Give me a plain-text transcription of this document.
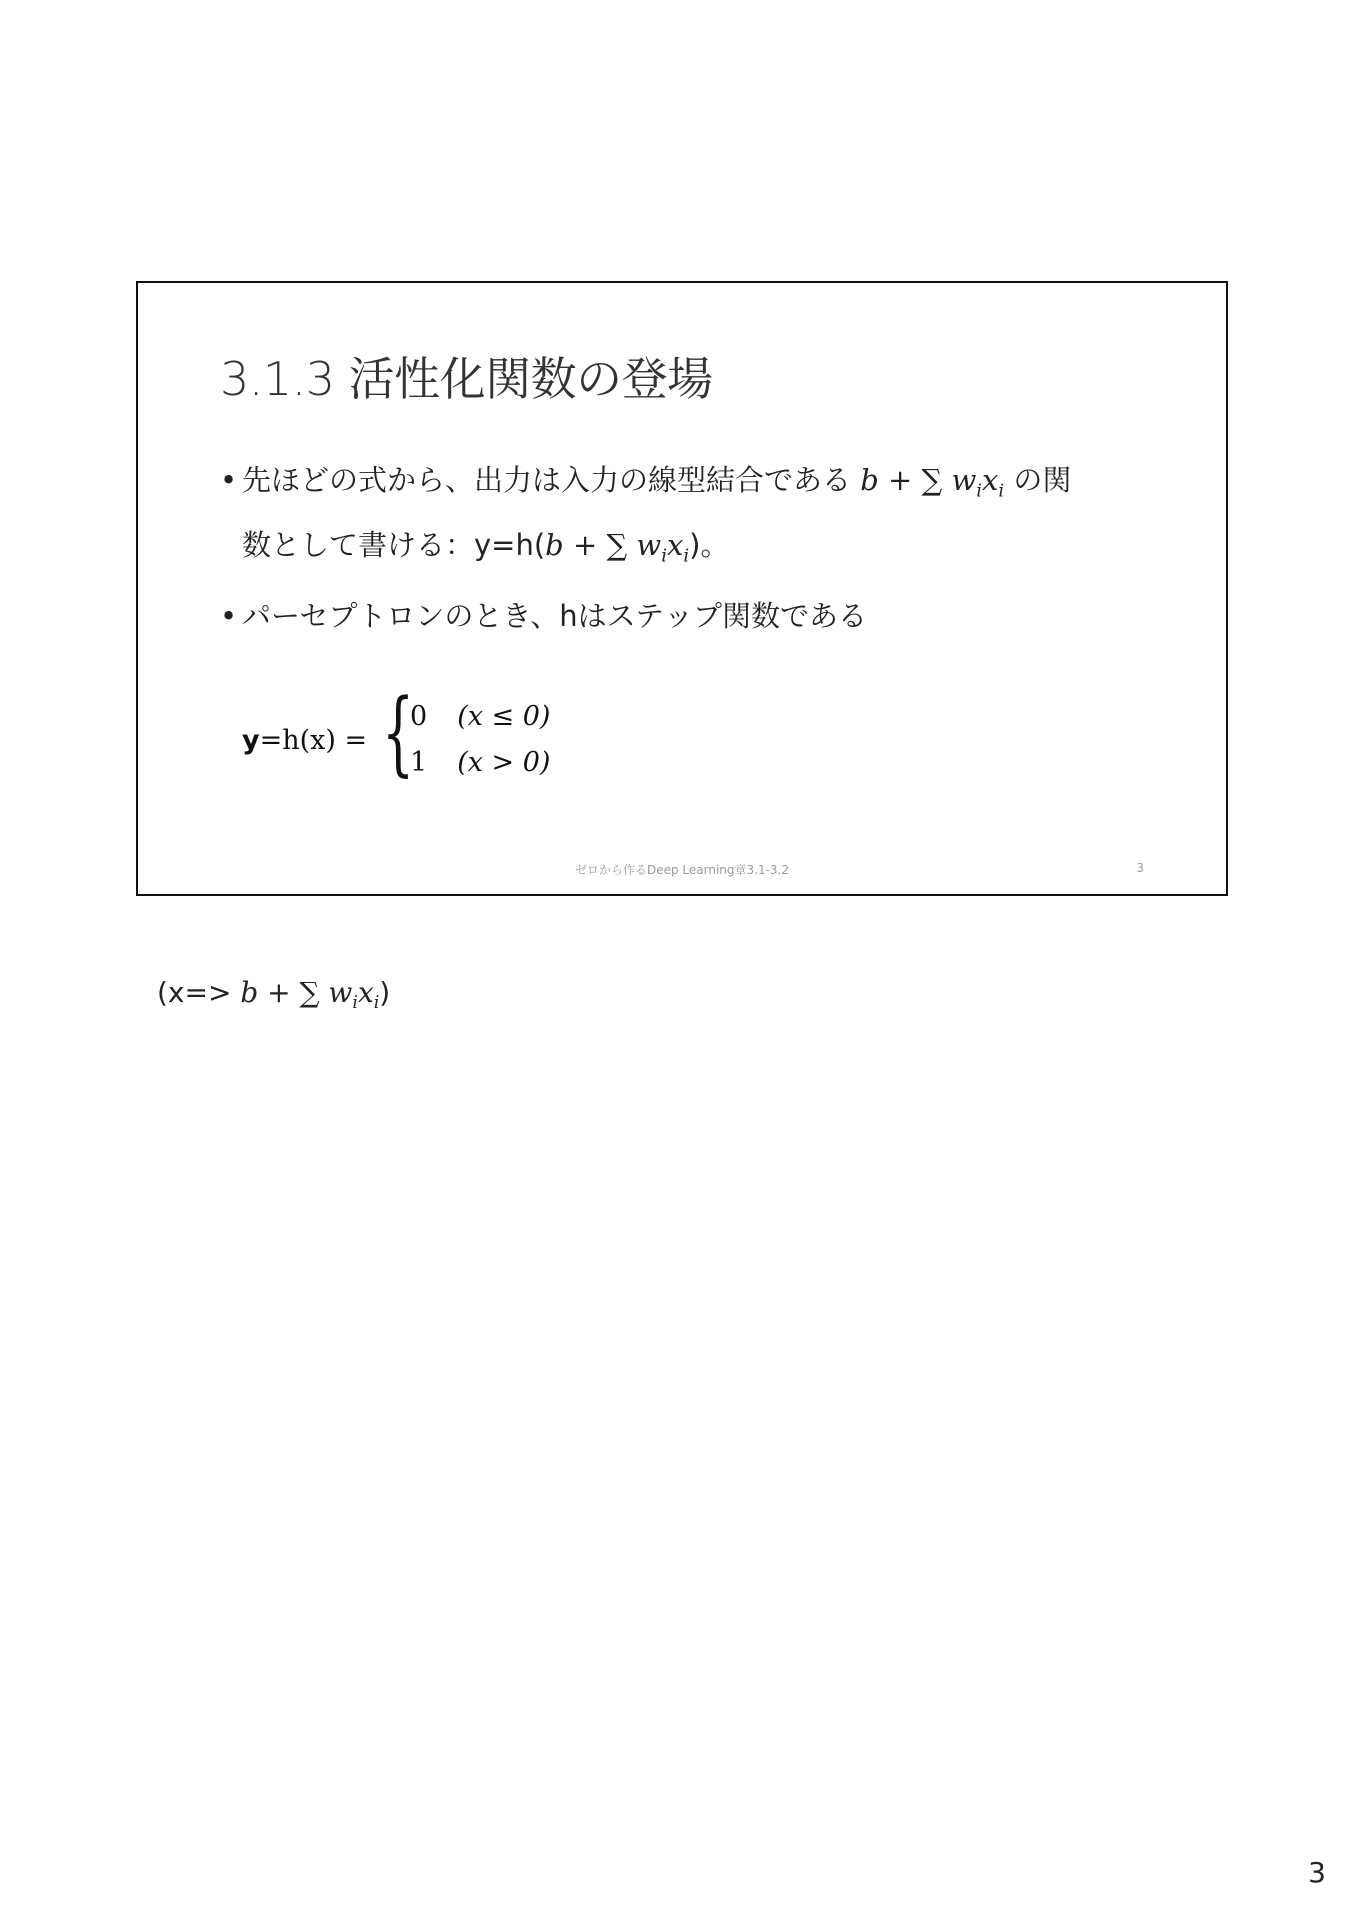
3.1.3 活性化関数の登場
• 先ほどの式から、出力は入力の線型結合である b + ∑ $w_ix_i$ の関
数として書ける：y=h(b + ∑ $w_ix_i$)。
• パーセプトロンのとき、hはステップ関数である
y=h(x) = {
0 (x ≤ 0)
1 (x > 0)
ゼロから作るDeep Learning章3.1-3.2	3
(x=> b + ∑ $w_ix_i$)
3
